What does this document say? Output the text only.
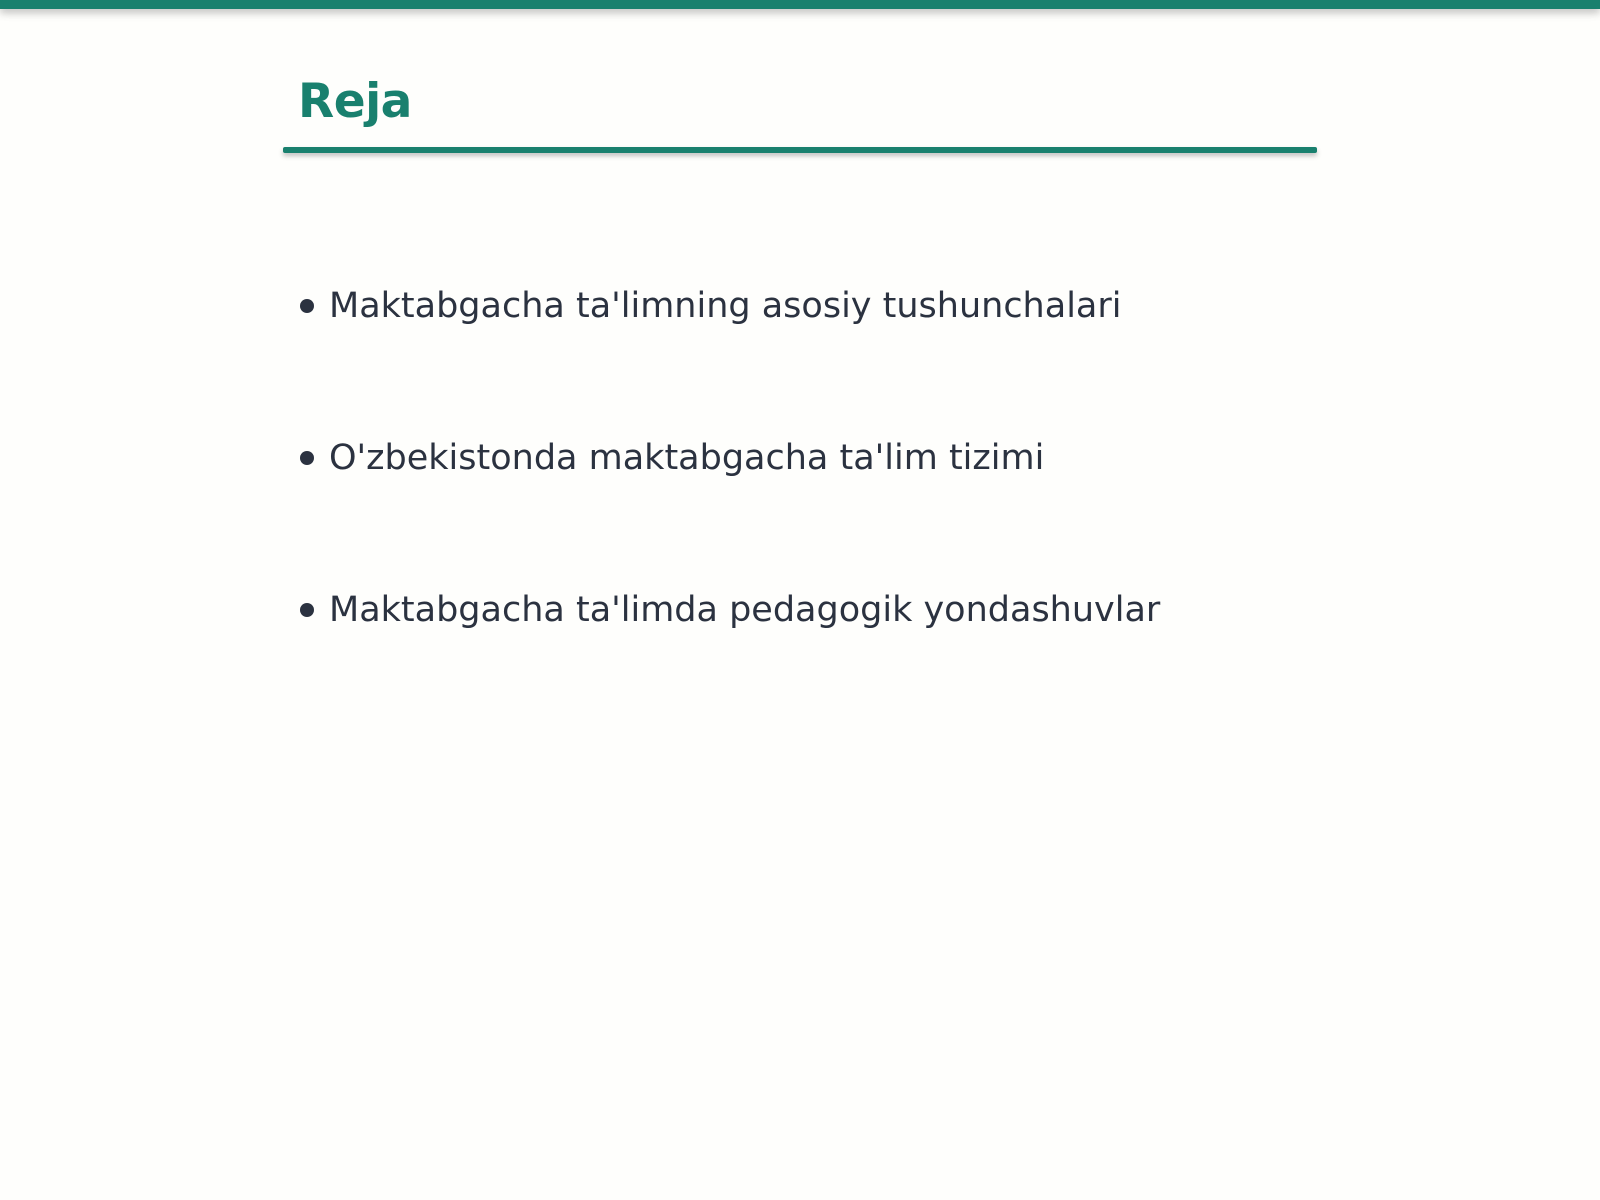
Reja
Maktabgacha ta'limning asosiy tushunchalari
O'zbekistonda maktabgacha ta'lim tizimi
Maktabgacha ta'limda pedagogik yondashuvlar
